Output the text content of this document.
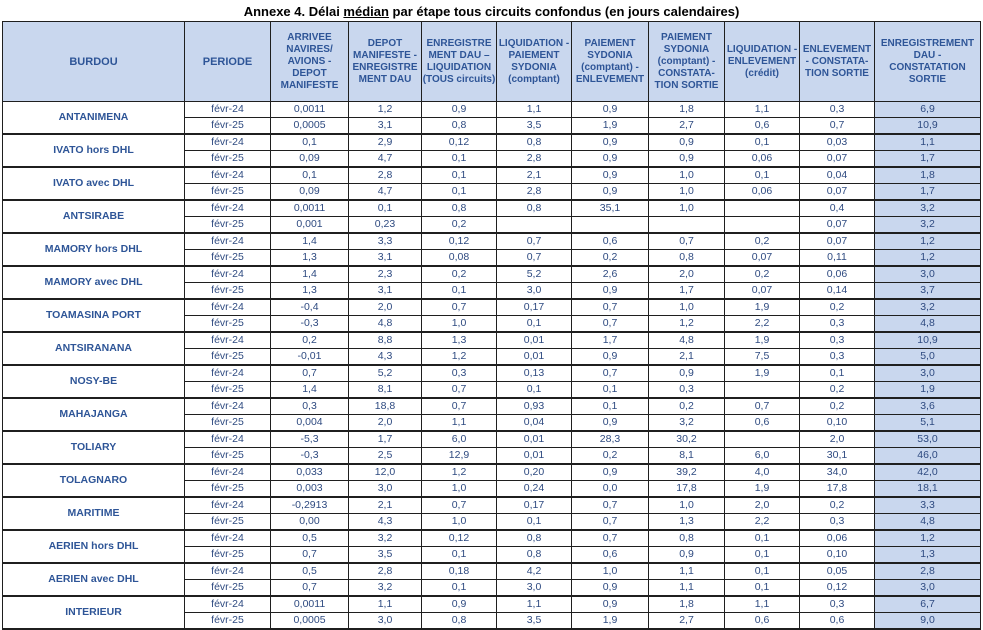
Annexe 4. Délai médian par étape tous circuits confondus (en jours calendaires)
BURDOU	PERIODE	ARRIVEE NAVIRES/ AVIONS - DEPOT MANIFESTE	DEPOT MANIFESTE - ENREGISTRE MENT DAU	ENREGISTRE MENT DAU – LIQUIDATION (TOUS circuits)	LIQUIDATION - PAIEMENT SYDONIA (comptant)	PAIEMENT SYDONIA (comptant) - ENLEVEMENT	PAIEMENT SYDONIA (comptant) - CONSTATA- TION SORTIE	LIQUIDATION - ENLEVEMENT (crédit)	ENLEVEMENT - CONSTATA- TION SORTIE	ENREGISTREMENT DAU - CONSTATATION SORTIE
ANTANIMENA	févr-24	0,0011	1,2	0,9	1,1	0,9	1,8	1,1	0,3	6,9
	févr-25	0,0005	3,1	0,8	3,5	1,9	2,7	0,6	0,7	10,9
IVATO hors DHL	févr-24	0,1	2,9	0,12	0,8	0,9	0,9	0,1	0,03	1,1
	févr-25	0,09	4,7	0,1	2,8	0,9	0,9	0,06	0,07	1,7
IVATO avec DHL	févr-24	0,1	2,8	0,1	2,1	0,9	1,0	0,1	0,04	1,8
	févr-25	0,09	4,7	0,1	2,8	0,9	1,0	0,06	0,07	1,7
ANTSIRABE	févr-24	0,0011	0,1	0,8	0,8	35,1	1,0		0,4	3,2
	févr-25	0,001	0,23	0,2					0,07	3,2
MAMORY hors DHL	févr-24	1,4	3,3	0,12	0,7	0,6	0,7	0,2	0,07	1,2
	févr-25	1,3	3,1	0,08	0,7	0,2	0,8	0,07	0,11	1,2
MAMORY avec DHL	févr-24	1,4	2,3	0,2	5,2	2,6	2,0	0,2	0,06	3,0
	févr-25	1,3	3,1	0,1	3,0	0,9	1,7	0,07	0,14	3,7
TOAMASINA PORT	févr-24	-0,4	2,0	0,7	0,17	0,7	1,0	1,9	0,2	3,2
	févr-25	-0,3	4,8	1,0	0,1	0,7	1,2	2,2	0,3	4,8
ANTSIRANANA	févr-24	0,2	8,8	1,3	0,01	1,7	4,8	1,9	0,3	10,9
	févr-25	-0,01	4,3	1,2	0,01	0,9	2,1	7,5	0,3	5,0
NOSY-BE	févr-24	0,7	5,2	0,3	0,13	0,7	0,9	1,9	0,1	3,0
	févr-25	1,4	8,1	0,7	0,1	0,1	0,3		0,2	1,9
MAHAJANGA	févr-24	0,3	18,8	0,7	0,93	0,1	0,2	0,7	0,2	3,6
	févr-25	0,004	2,0	1,1	0,04	0,9	3,2	0,6	0,10	5,1
TOLIARY	févr-24	-5,3	1,7	6,0	0,01	28,3	30,2		2,0	53,0
	févr-25	-0,3	2,5	12,9	0,01	0,2	8,1	6,0	30,1	46,0
TOLAGNARO	févr-24	0,033	12,0	1,2	0,20	0,9	39,2	4,0	34,0	42,0
	févr-25	0,003	3,0	1,0	0,24	0,0	17,8	1,9	17,8	18,1
MARITIME	févr-24	-0,2913	2,1	0,7	0,17	0,7	1,0	2,0	0,2	3,3
	févr-25	0,00	4,3	1,0	0,1	0,7	1,3	2,2	0,3	4,8
AERIEN hors DHL	févr-24	0,5	3,2	0,12	0,8	0,7	0,8	0,1	0,06	1,2
	févr-25	0,7	3,5	0,1	0,8	0,6	0,9	0,1	0,10	1,3
AERIEN avec DHL	févr-24	0,5	2,8	0,18	4,2	1,0	1,1	0,1	0,05	2,8
	févr-25	0,7	3,2	0,1	3,0	0,9	1,1	0,1	0,12	3,0
INTERIEUR	févr-24	0,0011	1,1	0,9	1,1	0,9	1,8	1,1	0,3	6,7
	févr-25	0,0005	3,0	0,8	3,5	1,9	2,7	0,6	0,6	9,0
